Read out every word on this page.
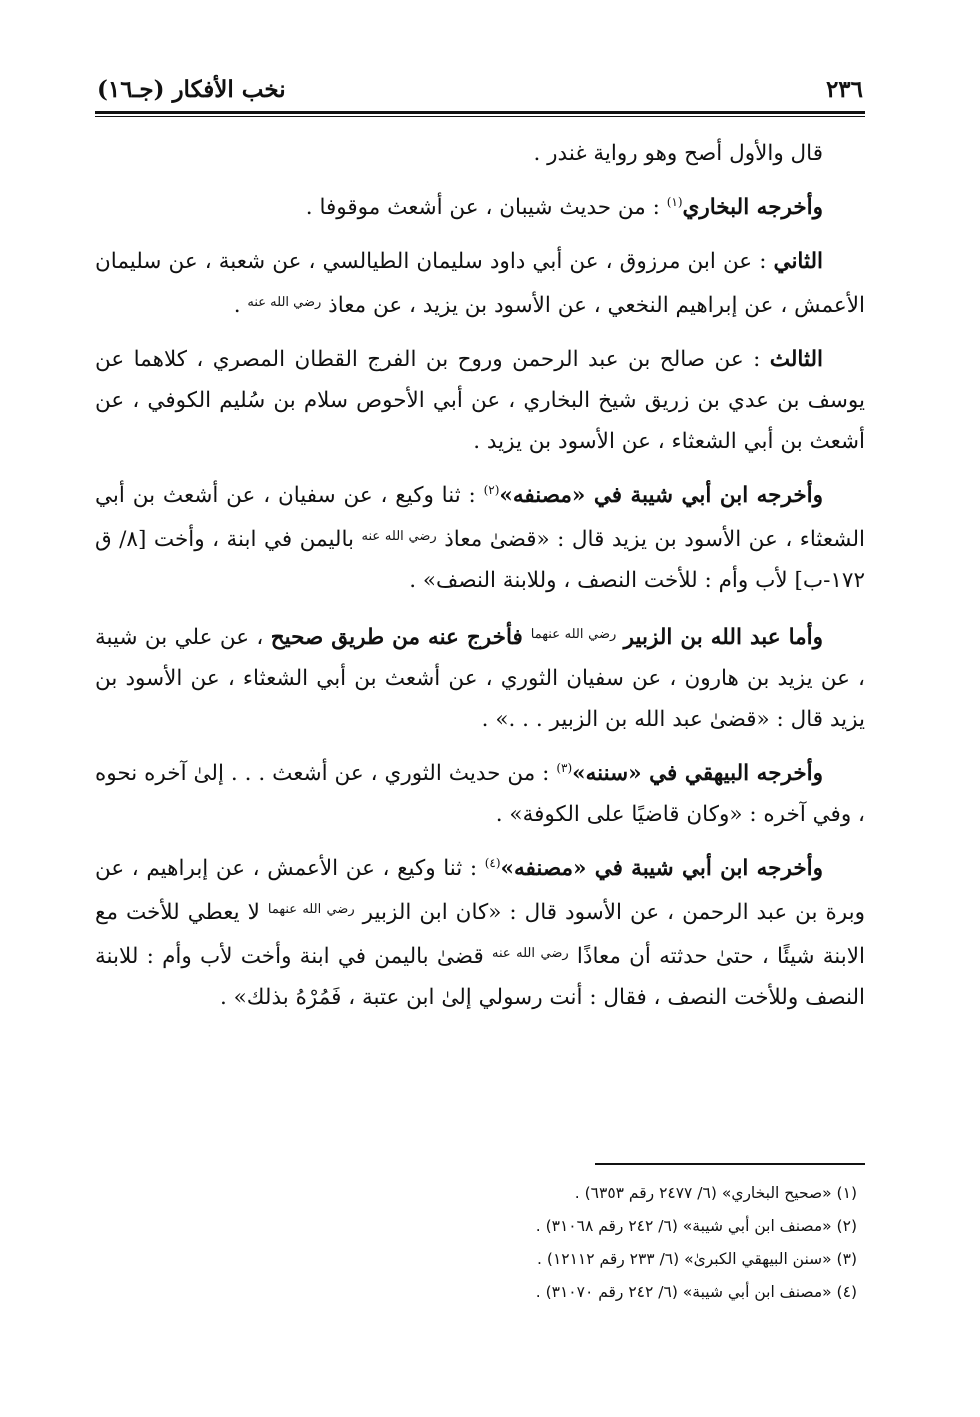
٢٣٦
نخب الأفكار (جـ١٦)

قال والأول أصح وهو رواية غندر .

وأخرجه البخاري$^{(١)}$ : من حديث شيبان ، عن أشعث موقوفا .

الثاني : عن ابن مرزوق ، عن أبي داود سليمان الطيالسي ، عن شعبة ، عن سليمان الأعمش ، عن إبراهيم النخعي ، عن الأسود بن يزيد ، عن معاذ $^{رضي الله عنه}$ .

الثالث : عن صالح بن عبد الرحمن وروح بن الفرج القطان المصري ، كلاهما عن يوسف بن عدي بن زريق شيخ البخاري ، عن أبي الأحوص سلام بن سُليم الكوفي ، عن أشعث بن أبي الشعثاء ، عن الأسود بن يزيد .

وأخرجه ابن أبي شيبة في «مصنفه»$^{(٢)}$ : ثنا وكيع ، عن سفيان ، عن أشعث بن أبي الشعثاء ، عن الأسود بن يزيد قال : «قضىٰ معاذ $^{رضي الله عنه}$ باليمن في ابنة ، وأخت [٨/ ق ١٧٢-ب] لأب وأم : للأخت النصف ، وللابنة النصف» .

وأما عبد الله بن الزبير $^{رضي الله عنهما}$ فأخرج عنه من طريق صحيح ، عن علي بن شيبة ، عن يزيد بن هارون ، عن سفيان الثوري ، عن أشعث بن أبي الشعثاء ، عن الأسود بن يزيد قال : «قضىٰ عبد الله بن الزبير . . .» .

وأخرجه البيهقي في «سننه»$^{(٣)}$ : من حديث الثوري ، عن أشعث . . . إلىٰ آخره نحوه ، وفي آخره : «وكان قاضيًا على الكوفة» .

وأخرجه ابن أبي شيبة في «مصنفه»$^{(٤)}$ : ثنا وكيع ، عن الأعمش ، عن إبراهيم ، عن وبرة بن عبد الرحمن ، عن الأسود قال : «كان ابن الزبير $^{رضي الله عنهما}$ لا يعطي للأخت مع الابنة شيئًا ، حتىٰ حدثته أن معاذًا $^{رضي الله عنه}$ قضىٰ باليمن في ابنة وأخت لأب وأم : للابنة النصف وللأخت النصف ، فقال : أنت رسولي إلىٰ ابن عتبة ، فَمُرْهُ بذلك» .

(١) «صحيح البخاري» (٦/ ٢٤٧٧ رقم ٦٣٥٣) .
(٢) «مصنف ابن أبي شيبة» (٦/ ٢٤٢ رقم ٣١٠٦٨) .
(٣) «سنن البيهقي الكبرىٰ» (٦/ ٢٣٣ رقم ١٢١١٢) .
(٤) «مصنف ابن أبي شيبة» (٦/ ٢٤٢ رقم ٣١٠٧٠) .
